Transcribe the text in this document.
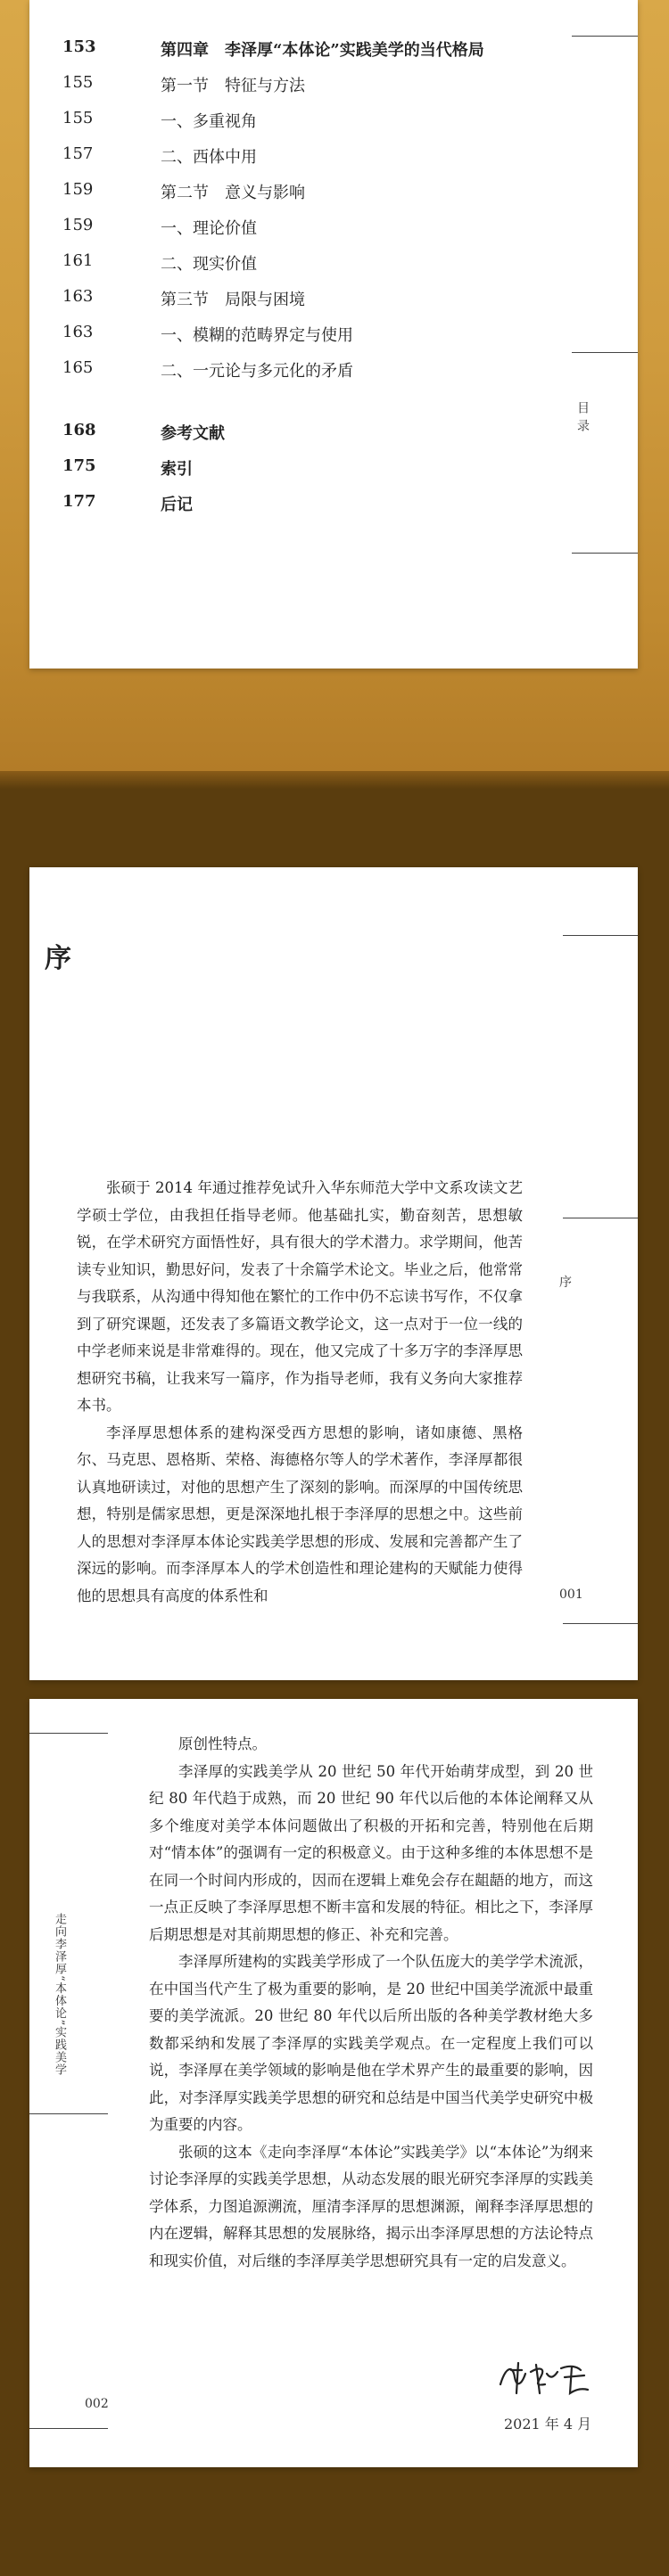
153	第四章　李泽厚“本体论”实践美学的当代格局
155	第一节　特征与方法
155	一、多重视角
157	二、西体中用
159	第二节　意义与影响
159	一、理论价值
161	二、现实价值
163	第三节　局限与困境
163	一、模糊的范畴界定与使用
165	二、一元论与多元化的矛盾
168	参考文献
175	索引
177	后记
目录
序
001
序

张硕于 2014 年通过推荐免试升入华东师范大学中文系攻读文艺学硕士学位，由我担任指导老师。他基础扎实，勤奋刻苦，思想敏锐，在学术研究方面悟性好，具有很大的学术潜力。求学期间，他苦读专业知识，勤思好问，发表了十余篇学术论文。毕业之后，他常常与我联系，从沟通中得知他在繁忙的工作中仍不忘读书写作，不仅拿到了研究课题，还发表了多篇语文教学论文，这一点对于一位一线的中学老师来说是非常难得的。现在，他又完成了十多万字的李泽厚思想研究书稿，让我来写一篇序，作为指导老师，我有义务向大家推荐本书。

李泽厚思想体系的建构深受西方思想的影响，诸如康德、黑格尔、马克思、恩格斯、荣格、海德格尔等人的学术著作，李泽厚都很认真地研读过，对他的思想产生了深刻的影响。而深厚的中国传统思想，特别是儒家思想，更是深深地扎根于李泽厚的思想之中。这些前人的思想对李泽厚本体论实践美学思想的形成、发展和完善都产生了深远的影响。而李泽厚本人的学术创造性和理论建构的天赋能力使得他的思想具有高度的体系性和

走向李泽厚“本体论”实践美学
002

原创性特点。

李泽厚的实践美学从 20 世纪 50 年代开始萌芽成型，到 20 世纪 80 年代趋于成熟，而 20 世纪 90 年代以后他的本体论阐释又从多个维度对美学本体问题做出了积极的开拓和完善，特别他在后期对“情本体”的强调有一定的积极意义。由于这种多维的本体思想不是在同一个时间内形成的，因而在逻辑上难免会存在龃龉的地方，而这一点正反映了李泽厚思想不断丰富和发展的特征。相比之下，李泽厚后期思想是对其前期思想的修正、补充和完善。

李泽厚所建构的实践美学形成了一个队伍庞大的美学学术流派，在中国当代产生了极为重要的影响，是 20 世纪中国美学流派中最重要的美学流派。20 世纪 80 年代以后所出版的各种美学教材绝大多数都采纳和发展了李泽厚的实践美学观点。在一定程度上我们可以说，李泽厚在美学领域的影响是他在学术界产生的最重要的影响，因此，对李泽厚实践美学思想的研究和总结是中国当代美学史研究中极为重要的内容。

张硕的这本《走向李泽厚“本体论”实践美学》以“本体论”为纲来讨论李泽厚的实践美学思想，从动态发展的眼光研究李泽厚的实践美学体系，力图追源溯流，厘清李泽厚的思想渊源，阐释李泽厚思想的内在逻辑，解释其思想的发展脉络，揭示出李泽厚思想的方法论特点和现实价值，对后继的李泽厚美学思想研究具有一定的启发意义。

2021 年 4 月
